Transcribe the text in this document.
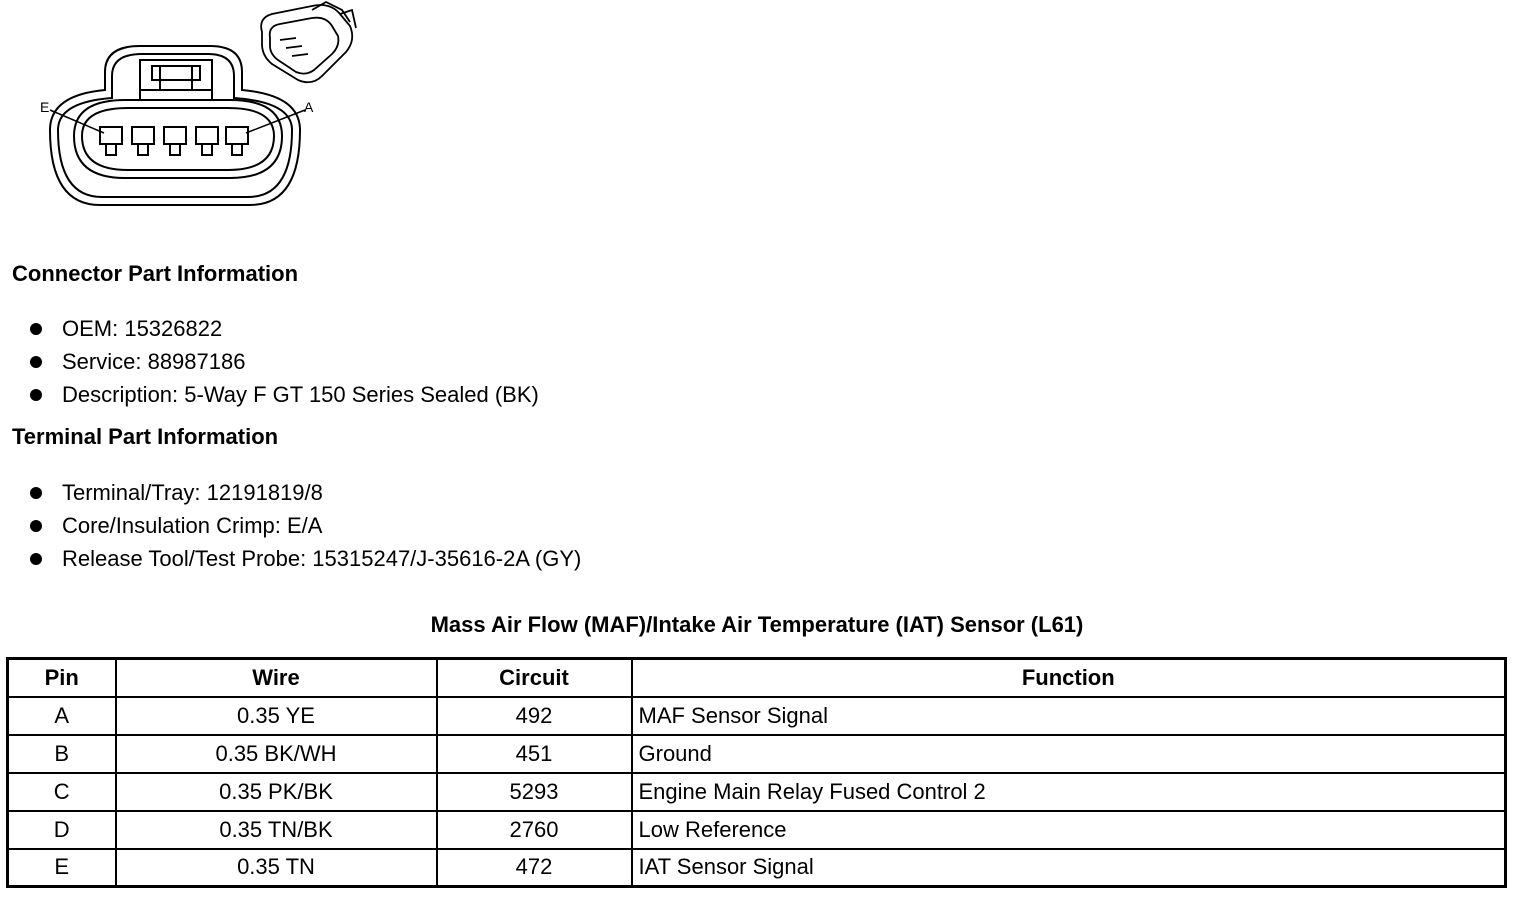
E	A
Connector Part Information
OEM: 15326822
Service: 88987186
Description: 5-Way F GT 150 Series Sealed (BK)
Terminal Part Information
Terminal/Tray: 12191819/8
Core/Insulation Crimp: E/A
Release Tool/Test Probe: 15315247/J-35616-2A (GY)
Mass Air Flow (MAF)/Intake Air Temperature (IAT) Sensor (L61)
Pin	Wire	Circuit	Function
A	0.35 YE	492	MAF Sensor Signal
B	0.35 BK/WH	451	Ground
C	0.35 PK/BK	5293	Engine Main Relay Fused Control 2
D	0.35 TN/BK	2760	Low Reference
E	0.35 TN	472	IAT Sensor Signal
